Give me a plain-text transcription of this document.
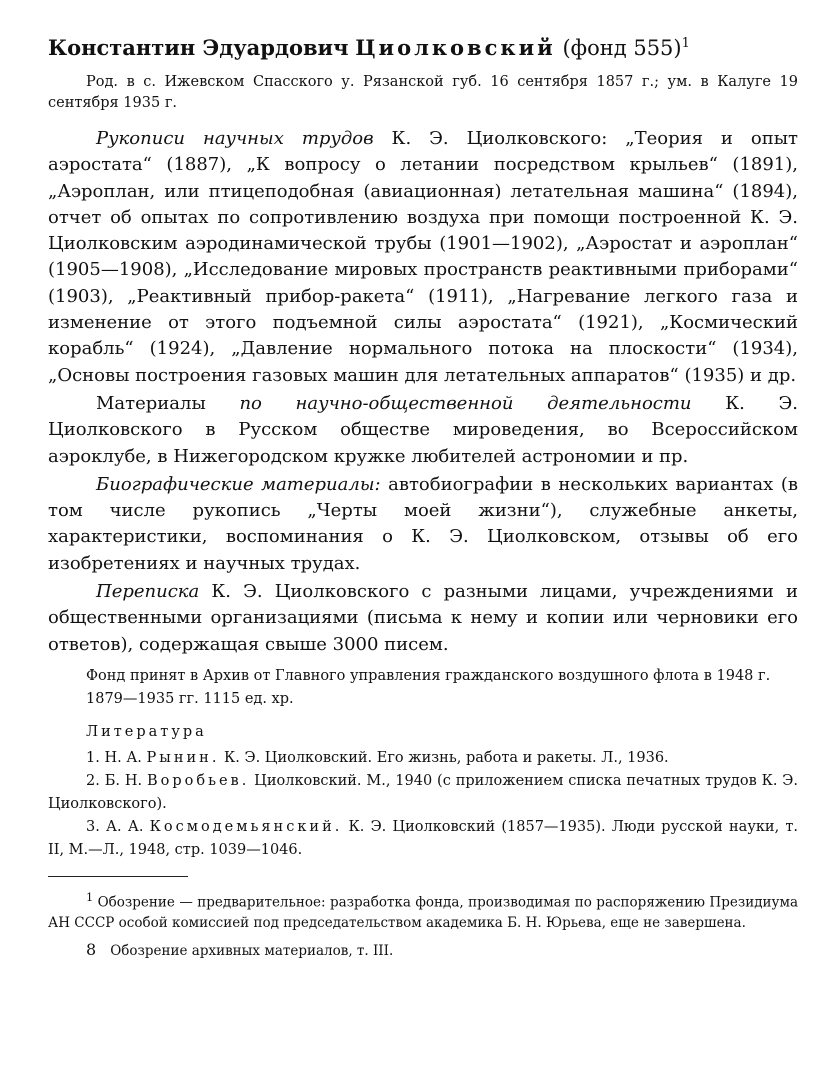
Константин Эдуардович Циолковский (фонд 555)$^1$

Род. в с. Ижевском Спасского у. Рязанской губ. 16 сентября 1857 г.; ум. в Калуге 19 сентября 1935 г.

Рукописи научных трудов К. Э. Циолковского: „Теория и опыт аэростата“ (1887), „К вопросу о летании посредством крыльев“ (1891), „Аэроплан, или птицеподобная (авиационная) летательная машина“ (1894), отчет об опытах по сопротивлению воздуха при помощи построенной К. Э. Циолковским аэродинамической трубы (1901—1902), „Аэростат и аэроплан“ (1905—1908), „Исследование мировых пространств реактивными приборами“ (1903), „Реактивный прибор-ракета“ (1911), „Нагревание легкого газа и изменение от этого подъемной силы аэростата“ (1921), „Космический корабль“ (1924), „Давление нормального потока на плоскости“ (1934), „Основы построения газовых машин для летательных аппаратов“ (1935) и др.

Материалы по научно-общественной деятельности К. Э. Циолковского в Русском обществе мироведения, во Всероссийском аэроклубе, в Нижегородском кружке любителей астрономии и пр.

Биографические материалы: автобиографии в нескольких вариантах (в том числе рукопись „Черты моей жизни“), служебные анкеты, характеристики, воспоминания о К. Э. Циолковском, отзывы об его изобретениях и научных трудах.

Переписка К. Э. Циолковского с разными лицами, учреждениями и общественными организациями (письма к нему и копии или черновики его ответов), содержащая свыше 3000 писем.

Фонд принят в Архив от Главного управления гражданского воздушного флота в 1948 г.

1879—1935 гг. 1115 ед. хр.

Литература

1. Н. А. Рынин. К. Э. Циолковский. Его жизнь, работа и ракеты. Л., 1936.

2. Б. Н. Воробьев. Циолковский. М., 1940 (с приложением списка печатных трудов К. Э. Циолковского).

3. А. А. Космодемьянский. К. Э. Циолковский (1857—1935). Люди русской науки, т. II, М.—Л., 1948, стр. 1039—1046.

$^1$ Обозрение — предварительное: разработка фонда, производимая по распоряжению Президиума АН СССР особой комиссией под председательством академика Б. Н. Юрьева, еще не завершена.

8 Обозрение архивных материалов, т. III.
